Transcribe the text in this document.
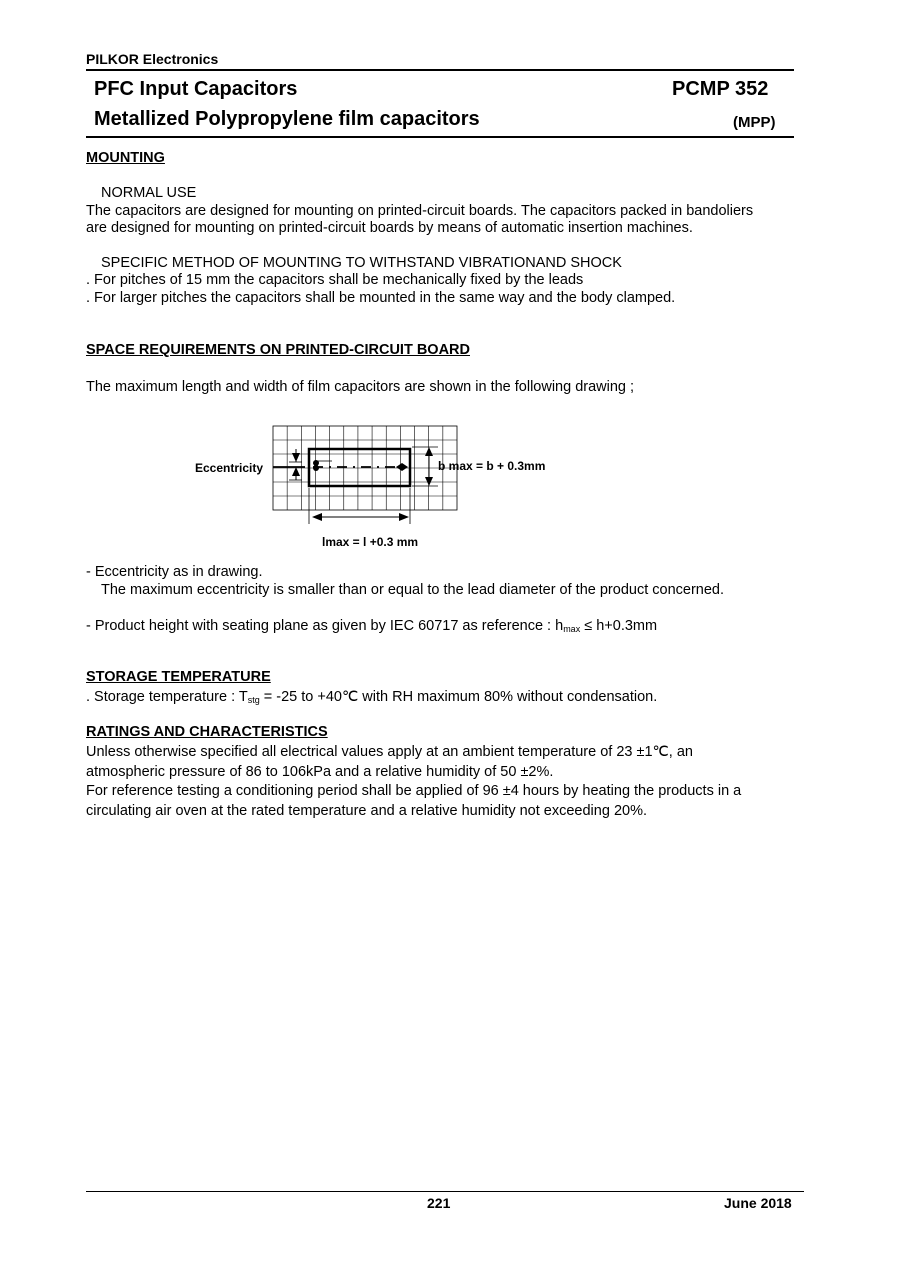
PILKOR Electronics
PFC Input Capacitors	PCMP 352
Metallized Polypropylene film capacitors	(MPP)
MOUNTING
NORMAL USE
The capacitors are designed for mounting on printed-circuit boards. The capacitors packed in bandoliers
are designed for mounting on printed-circuit boards by means of automatic insertion machines.
SPECIFIC METHOD OF MOUNTING TO WITHSTAND VIBRATIONAND SHOCK
. For pitches of 15 mm the capacitors shall be mechanically fixed by the leads
. For larger pitches the capacitors shall be mounted in the same way and the body clamped.
SPACE REQUIREMENTS ON PRINTED-CIRCUIT BOARD
The maximum length and width of film capacitors are shown in the following drawing ;
Eccentricity	b max = b + 0.3mm
lmax = l +0.3 mm
- Eccentricity as in drawing.
The maximum eccentricity is smaller than or equal to the lead diameter of the product concerned.
- Product height with seating plane as given by IEC 60717 as reference : $h_{max} \le h+0.3mm$
STORAGE TEMPERATURE
. Storage temperature : $T_{stg} = -25$ to +40℃ with RH maximum 80% without condensation.
RATINGS AND CHARACTERISTICS
Unless otherwise specified all electrical values apply at an ambient temperature of 23 ±1℃, an
atmospheric pressure of 86 to 106kPa and a relative humidity of 50 ±2%.
For reference testing a conditioning period shall be applied of 96 ±4 hours by heating the products in a
circulating air oven at the rated temperature and a relative humidity not exceeding 20%.
221	June 2018
